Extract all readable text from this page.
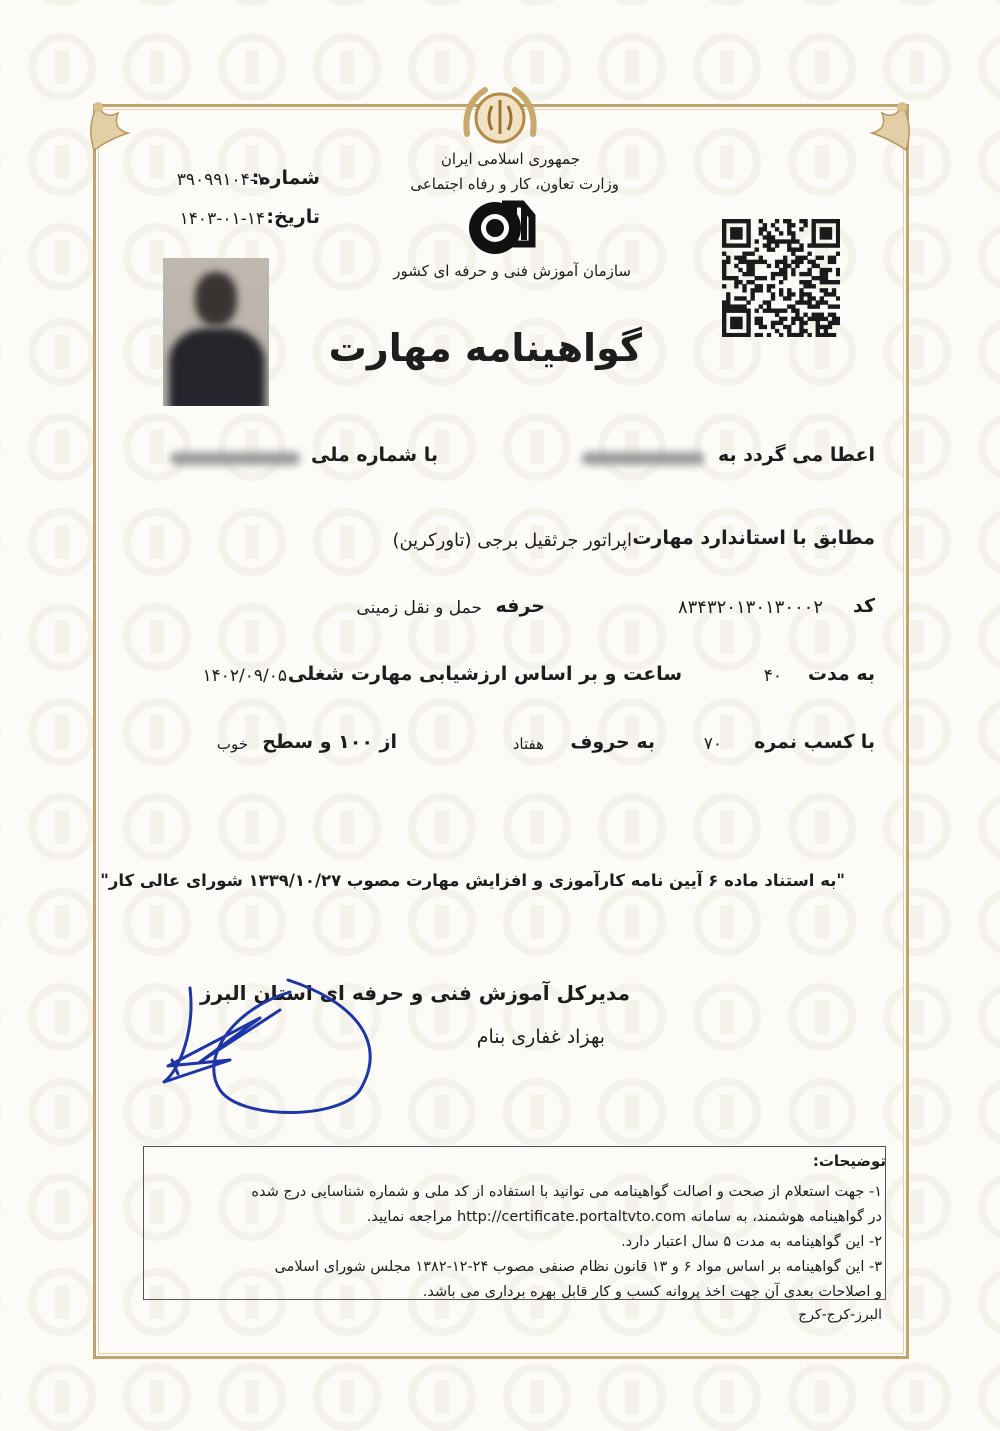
جمهوری اسلامی ایران
وزارت تعاون، کار و رفاه اجتماعی
سازمان آموزش فنی و حرفه ای کشور
شماره:
۳۹۰۹۹۱۰۴-۱
تاریخ:
۱۴۰۳-۰۱-۱۴
گواهینامه مهارت
اعطا می گردد به
با شماره ملی
مطابق با استاندارد مهارت
اپراتور جرثقیل برجی (تاورکرین)
کد
۸۳۴۳۲۰۱۳۰۱۳۰۰۰۲
حرفه
حمل و نقل زمینی
به مدت
۴۰
ساعت و بر اساس ارزشیابی مهارت شغلی
۱۴۰۲/۰۹/۰۵
با کسب نمره
۷۰
به حروف
هفتاد
از ۱۰۰ و سطح
خوب
"به استناد ماده ۶ آیین نامه کارآموزی و افزایش مهارت مصوب ۱۳۳۹/۱۰/۲۷ شورای عالی کار"
مدیرکل آموزش فنی و حرفه ای استان البرز
بهزاد غفاری بنام
توضیحات:
۱- جهت استعلام از صحت و اصالت گواهینامه می توانید با استفاده از کد ملی و شماره شناسایی درج شده
در گواهینامه هوشمند، به سامانه http://certificate.portaltvto.com مراجعه نمایید.
۲- این گواهینامه به مدت ۵ سال اعتبار دارد.
۳- این گواهینامه بر اساس مواد ۶ و ۱۳ قانون نظام صنفی مصوب ۲۴-۱۲-۱۳۸۲ مجلس شورای اسلامی
و اصلاحات بعدی آن جهت اخذ پروانه کسب و کار قابل بهره برداری می باشد.
البرز-کرج-کرج
